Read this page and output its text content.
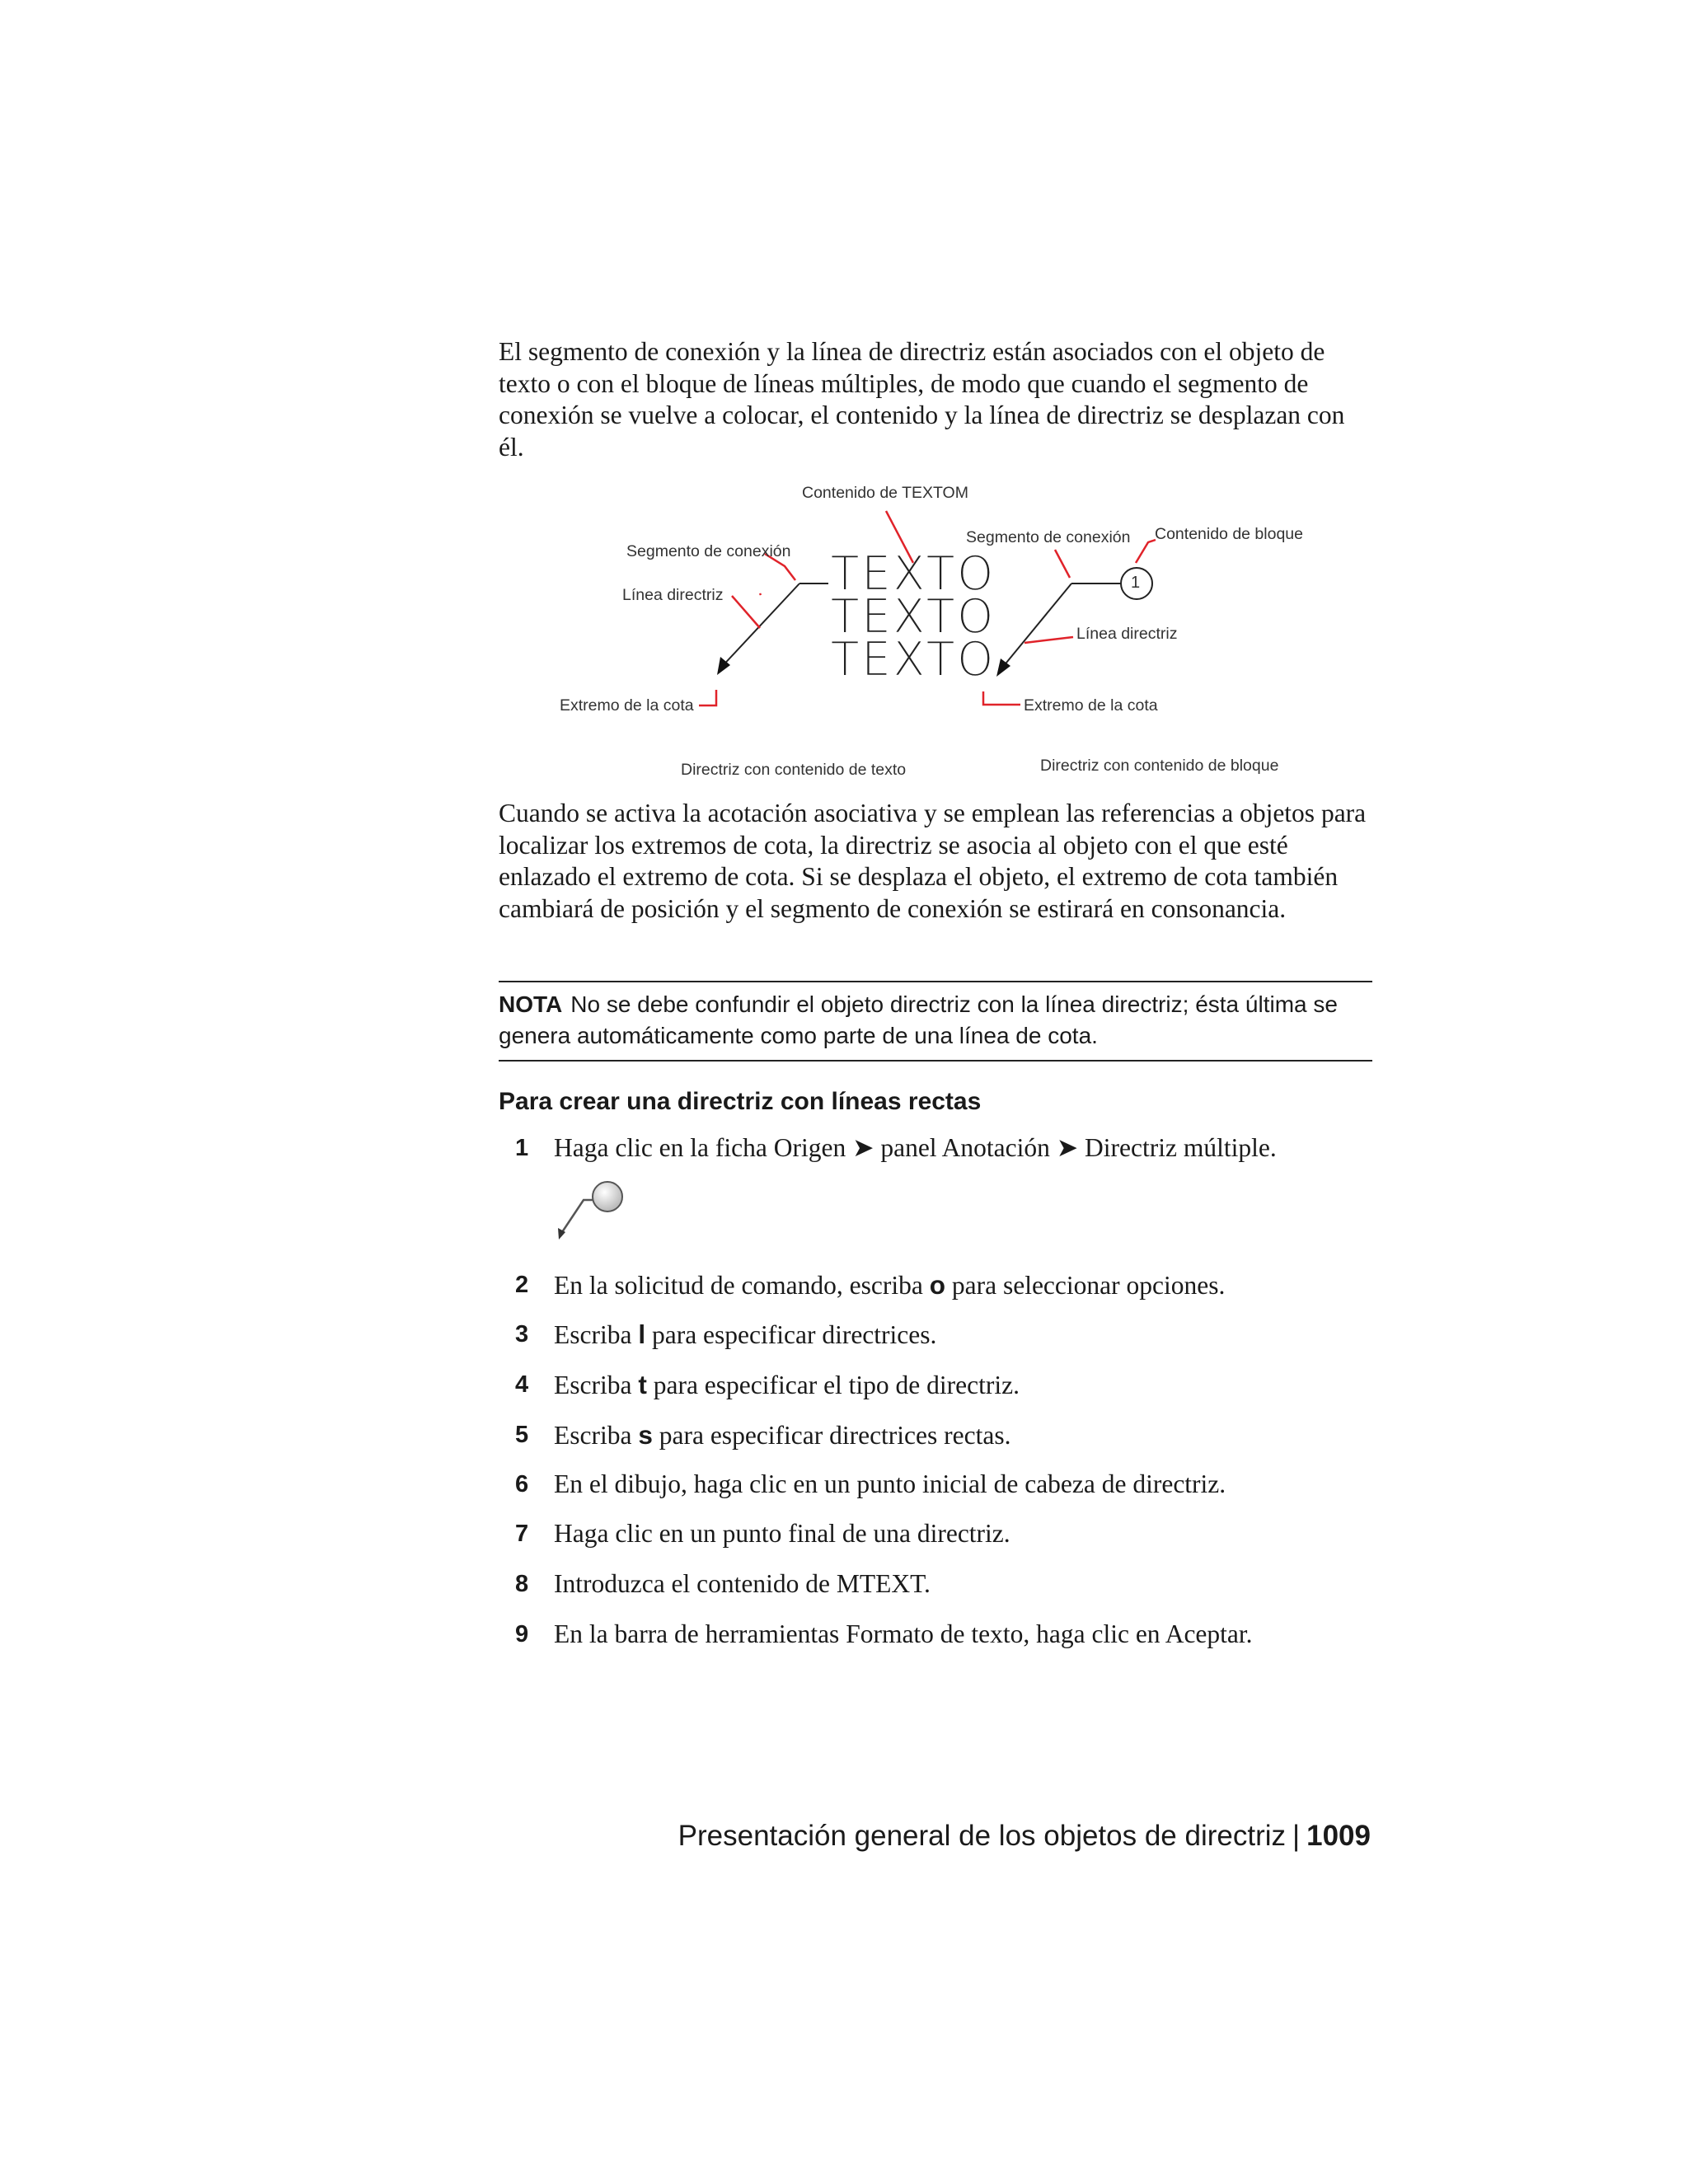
El segmento de conexión y la línea de directriz están asociados con el objeto de texto o con el bloque de líneas múltiples, de modo que cuando el segmento de conexión se vuelve a colocar, el contenido y la línea de directriz se desplazan con él.

Contenido de TEXTOM
Segmento de conexión
Línea directriz
Extremo de la cota
Segmento de conexión Contenido de bloque
Línea directriz
Extremo de la cota
Directriz con contenido de texto	Directriz con contenido de bloque
TEXTO
TEXTO
TEXTO
1

Cuando se activa la acotación asociativa y se emplean las referencias a objetos para localizar los extremos de cota, la directriz se asocia al objeto con el que esté enlazado el extremo de cota. Si se desplaza el objeto, el extremo de cota también cambiará de posición y el segmento de conexión se estirará en consonancia.

NOTA No se debe confundir el objeto directriz con la línea directriz; ésta última se genera automáticamente como parte de una línea de cota.
Para crear una directriz con líneas rectas
1 Haga clic en la ficha Origen ➤ panel Anotación ➤ Directriz múltiple.
2 En la solicitud de comando, escriba o para seleccionar opciones.
3 Escriba l para especificar directrices.
4 Escriba t para especificar el tipo de directriz.
5 Escriba s para especificar directrices rectas.
6 En el dibujo, haga clic en un punto inicial de cabeza de directriz.
7 Haga clic en un punto final de una directriz.
8 Introduzca el contenido de MTEXT.
9 En la barra de herramientas Formato de texto, haga clic en Aceptar.
Presentación general de los objetos de directriz | 1009
